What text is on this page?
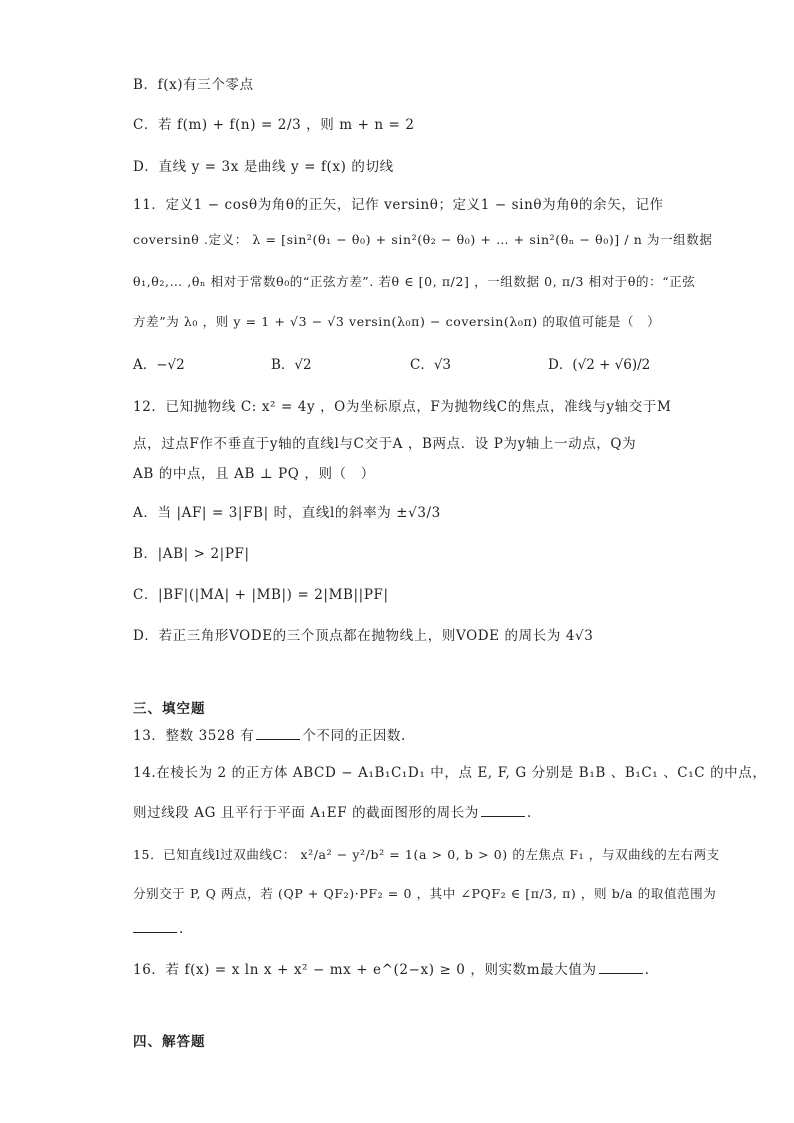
B．f(x)有三个零点
C．若 f(m) + f(n) = 2/3 ，则 m + n = 2
D．直线 y = 3x 是曲线 y = f(x) 的切线
11．定义1 − cosθ为角θ的正矢，记作 versinθ；定义1 − sinθ为角θ的余矢，记作
coversinθ .定义： λ = [sin²(θ₁ − θ₀) + sin²(θ₂ − θ₀) + … + sin²(θₙ − θ₀)] / n 为一组数据
θ₁,θ₂,… ,θₙ 相对于常数θ₀的“正弦方差”. 若θ ∈ [0, π/2] ，一组数据 0, π/3 相对于θ的：“正弦
方差”为 λ₀ ，则 y = 1 + √3 − √3 versin(λ₀π) − coversin(λ₀π) 的取值可能是（　）
A．−√2	B．√2	C．√3	D．(√2 + √6)/2
12．已知抛物线 C: x² = 4y ，O为坐标原点，F为抛物线C的焦点，准线与y轴交于M
点，过点F作不垂直于y轴的直线l与C交于A ，B两点．设 P为y轴上一动点，Q为
AB 的中点，且 AB ⊥ PQ ，则（　）
A．当 |AF| = 3|FB| 时，直线l的斜率为 ±√3/3
B．|AB| > 2|PF|
C．|BF|(|MA| + |MB|) = 2|MB||PF|
D．若正三角形VODE的三个顶点都在抛物线上，则VODE 的周长为 4√3
三、填空题
13．整数 3528 有	个不同的正因数.
14.在棱长为 2 的正方体 ABCD − A₁B₁C₁D₁ 中，点 E, F, G 分别是 B₁B 、B₁C₁ 、C₁C 的中点，
则过线段 AG 且平行于平面 A₁EF 的截面图形的周长为	.
15．已知直线l过双曲线C： x²/a² − y²/b² = 1(a > 0, b > 0) 的左焦点 F₁ ，与双曲线的左右两支
分别交于 P, Q 两点，若 (QP + QF₂)·PF₂ = 0 ，其中 ∠PQF₂ ∈ [π/3, π) ，则 b/a 的取值范围为
.
16．若 f(x) = x ln x + x² − mx + e^(2−x) ≥ 0 ，则实数m最大值为	.
四、解答题
